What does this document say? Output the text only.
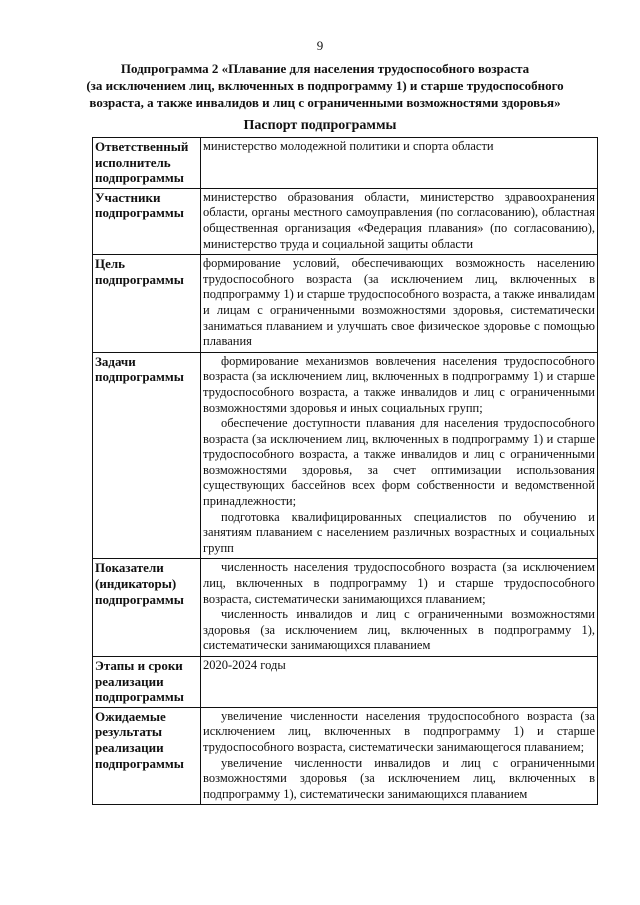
9
Подпрограмма 2 «Плавание для населения трудоспособного возраста
(за исключением лиц, включенных в подпрограмму 1) и старше трудоспособного
возраста, а также инвалидов и лиц с ограниченными возможностями здоровья»
Паспорт подпрограммы
Ответственный исполнитель подпрограммы	министерство молодежной политики и спорта области

Участники подпрограммы	министерство образования области, министерство здравоохранения области, органы местного самоуправления (по согласованию), областная общественная организация «Федерация плавания» (по согласованию), министерство труда и социальной защиты области

Цель подпрограммы	формирование условий, обеспечивающих возможность населению трудоспособного возраста (за исключением лиц, включенных в подпрограмму 1) и старше трудоспособного возраста, а также инвалидам и лицам с ограниченными возможностями здоровья, систематически заниматься плаванием и улучшать свое физическое здоровье с помощью плавания

Задачи подпрограммы	формирование механизмов вовлечения населения трудоспособного возраста (за исключением лиц, включенных в подпрограмму 1) и старше трудоспособного возраста, а также инвалидов и лиц с ограниченными возможностями здоровья и иных социальных групп;

обеспечение доступности плавания для населения трудоспособного возраста (за исключением лиц, включенных в подпрограмму 1) и старше трудоспособного возраста, а также инвалидов и лиц с ограниченными возможностями здоровья, за счет оптимизации использования существующих бассейнов всех форм собственности и ведомственной принадлежности;

подготовка квалифицированных специалистов по обучению и занятиям плаванием с населением различных возрастных и социальных групп

Показатели (индикаторы) подпрограммы	численность населения трудоспособного возраста (за исключением лиц, включенных в подпрограмму 1) и старше трудоспособного возраста, систематически занимающихся плаванием;

численность инвалидов и лиц с ограниченными возможностями здоровья (за исключением лиц, включенных в подпрограмму 1), систематически занимающихся плаванием

Этапы и сроки реализации подпрограммы	2020-2024 годы

Ожидаемые результаты реализации подпрограммы	увеличение численности населения трудоспособного возраста (за исключением лиц, включенных в подпрограмму 1) и старше трудоспособного возраста, систематически занимающегося плаванием;

увеличение численности инвалидов и лиц с ограниченными возможностями здоровья (за исключением лиц, включенных в подпрограмму 1), систематически занимающихся плаванием
